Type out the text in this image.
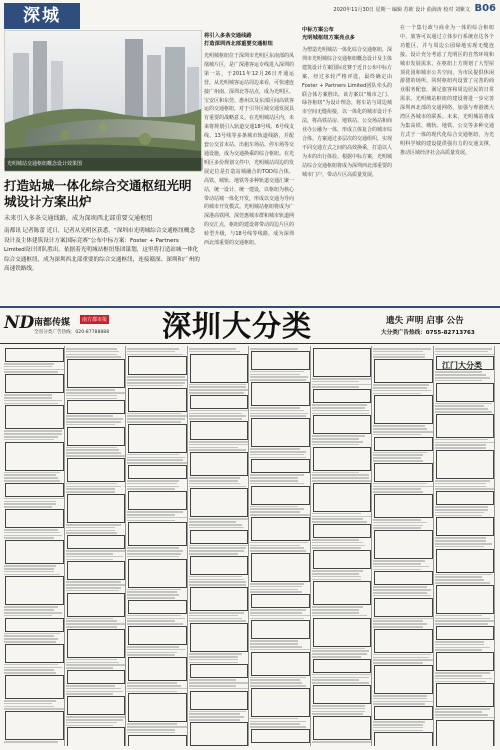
深城	2020年11月30日 星期一 编辑 苏欧 设计 曲海涛 校对 刘紫文 B06
光明城站交通枢纽概念设计效果图
打造站城一体化综合交通枢纽光明城设计方案出炉
未来引入多条交通线路，成为深圳西北部重要交通枢纽
南都讯 记者陈蕾 近日，记者从光明区获悉，“深圳市光明城综合交通枢纽概念设计及主体建筑设计方案国际竞赛”公布中标方案：Foster + Partners Limited设计团队胜出。依据着光明城站枢纽集团谋划，这里将打造站城一体化综合交通枢纽，成为深圳西北部重要的综合交通枢纽，连接赣深、深圳和广州的高速铁路线。
将引入多条交通线路
打造深圳西北部重要交通枢纽
光明城枢纽位于深圳市光明区东南部的凤凰城片区，是广深港客运专线进入深圳的第一站，于2011年12月26日开通运营。从光明城客运站周边来看，可快速连接广州南、深圳北等站点，成为光明区、宝安区和东莞、惠州以及东部区间高铁客运的交通枢纽，对于引导区域交通发展具有重要的战略意义。在光明城站区内，未来将规划引入轨道交通18号线、6号线支线、13号线等多条城市轨道线路，并配套公交首末站、出租车场站、停车场等交通设施，成为交通换乘的综合枢纽。在光明区多份规划文件中，光明城站周边的发展定位是打造站城融合的TOD综合体，高铁、城轨、地铁等多种轨道交通汇聚一站，统一设计、统一建设，以枢纽为核心带动站城一体化开发，形成以交通为导向的城市开发模式。光明城站枢纽将成为广深港高铁网、深莞惠城市群和城市轨道网的交汇点，枢纽的建设将带动周边片区的转型升级，与18号线等线路，成为深圳西北部重要的交通枢纽。
中标方案公布
光明城枢纽方案亮点多
为塑造光明城站一体化综合交通枢纽，深圳市光明城综合交通枢纽概念设计及主体建筑设计方案国际竞赛于近日公布中标方案，经过多轮严格评选，最终确定由Foster + Partners Limited团队牵头的联合体方案胜出。该方案以“城市之门、绿谷枢纽”为设计理念，将车站与周边城市空间无缝衔接，以一体化的城市设计手法，将高铁站房、地铁站、公交场站和商业办公融为一体，形成立体复合的城市综合体。方案通过多层次的交通组织，实现不同交通方式之间的高效换乘，打造以人为本的出行体验。根据中标方案，光明城站综合交通枢纽将成为深圳西北部重要的城市门户，带动片区高质量发展。
在一个集行政与商业为一体的综合枢纽中，旅客可以通过立体步行系统直达各个功能区，并与周边公园绿地实现无缝连接。设计充分考虑了光明区的自然环境和城市发展需求，在枢纽上方规划了大型屋顶花园和城市公共空间，为市民提供休闲游憩的场所。同时枢纽内设置了完善的商业服务配套，满足旅客和周边居民的日常需求。光明城站枢纽的建设将进一步完善深圳西北部的交通网络，加强与粤港澳大湾区各城市的联系。未来，光明城站将成为集高铁、城轨、地铁、公交等多种交通方式于一体的现代化综合交通枢纽，为光明科学城的建设提供强有力的交通支撑，推动区域经济社会高质量发展。
ND 南都传媒	南方都市报
全省分类广告热线：020-87788888 深圳大分类	遗失 声明 启事 公告
大分类广告热线：0755-82713763
江门大分类
